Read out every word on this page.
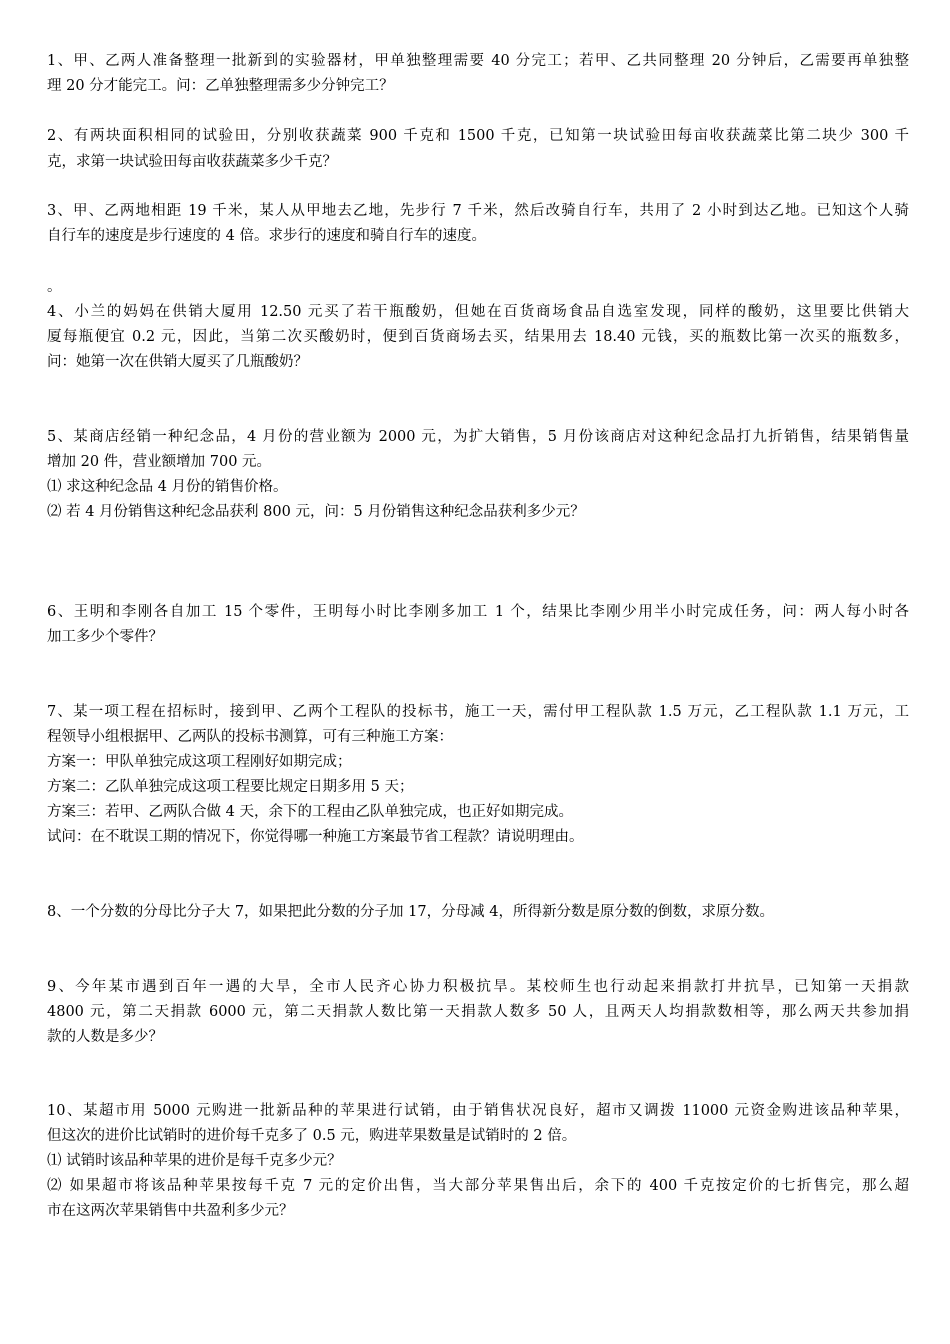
1、甲、乙两人准备整理一批新到的实验器材，甲单独整理需要 40 分完工；若甲、乙共同整理 20 分钟后，乙需要再单独整
理 20 分才能完工。问：乙单独整理需多少分钟完工？
2、有两块面积相同的试验田，分别收获蔬菜 900 千克和 1500 千克，已知第一块试验田每亩收获蔬菜比第二块少 300 千
克，求第一块试验田每亩收获蔬菜多少千克？
3、甲、乙两地相距 19 千米，某人从甲地去乙地，先步行 7 千米，然后改骑自行车，共用了 2 小时到达乙地。已知这个人骑
自行车的速度是步行速度的 4 倍。求步行的速度和骑自行车的速度。
。
4、小兰的妈妈在供销大厦用 12.50 元买了若干瓶酸奶，但她在百货商场食品自选室发现，同样的酸奶，这里要比供销大
厦每瓶便宜 0.2 元，因此，当第二次买酸奶时，便到百货商场去买，结果用去 18.40 元钱，买的瓶数比第一次买的瓶数多，
问：她第一次在供销大厦买了几瓶酸奶？
5、某商店经销一种纪念品，4 月份的营业额为 2000 元，为扩大销售，5 月份该商店对这种纪念品打九折销售，结果销售量
增加 20 件，营业额增加 700 元。
⑴ 求这种纪念品 4 月份的销售价格。
⑵ 若 4 月份销售这种纪念品获利 800 元，问：5 月份销售这种纪念品获利多少元？
6、王明和李刚各自加工 15 个零件，王明每小时比李刚多加工 1 个，结果比李刚少用半小时完成任务，问：两人每小时各
加工多少个零件？
7、某一项工程在招标时，接到甲、乙两个工程队的投标书，施工一天，需付甲工程队款 1.5 万元，乙工程队款 1.1 万元，工
程领导小组根据甲、乙两队的投标书测算，可有三种施工方案：
方案一：甲队单独完成这项工程刚好如期完成；
方案二：乙队单独完成这项工程要比规定日期多用 5 天；
方案三：若甲、乙两队合做 4 天，余下的工程由乙队单独完成，也正好如期完成。
试问：在不耽误工期的情况下，你觉得哪一种施工方案最节省工程款？请说明理由。
8、一个分数的分母比分子大 7，如果把此分数的分子加 17，分母减 4，所得新分数是原分数的倒数，求原分数。
9、今年某市遇到百年一遇的大旱，全市人民齐心协力积极抗旱。某校师生也行动起来捐款打井抗旱，已知第一天捐款
4800 元，第二天捐款 6000 元，第二天捐款人数比第一天捐款人数多 50 人，且两天人均捐款数相等，那么两天共参加捐
款的人数是多少？
10、某超市用 5000 元购进一批新品种的苹果进行试销，由于销售状况良好，超市又调拨 11000 元资金购进该品种苹果，
但这次的进价比试销时的进价每千克多了 0.5 元，购进苹果数量是试销时的 2 倍。
⑴ 试销时该品种苹果的进价是每千克多少元？
⑵ 如果超市将该品种苹果按每千克 7 元的定价出售，当大部分苹果售出后，余下的 400 千克按定价的七折售完，那么超
市在这两次苹果销售中共盈利多少元？
